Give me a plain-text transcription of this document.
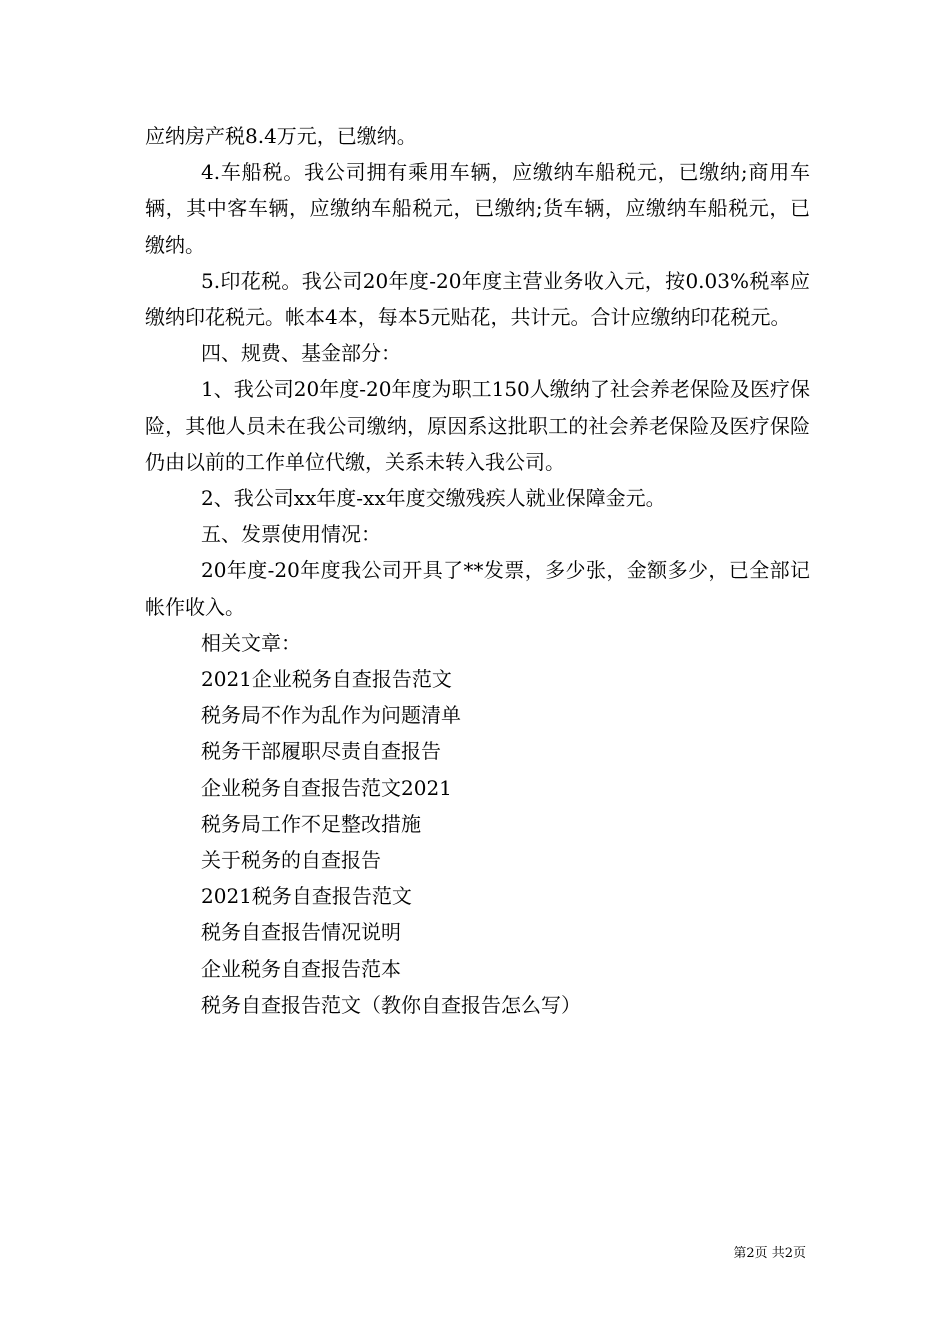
应纳房产税8.4万元，已缴纳。

4.车船税。我公司拥有乘用车辆，应缴纳车船税元，已缴纳;商用车辆，其中客车辆，应缴纳车船税元，已缴纳;货车辆，应缴纳车船税元，已缴纳。

5.印花税。我公司20年度-20年度主营业务收入元，按0.03%税率应缴纳印花税元。帐本4本，每本5元贴花，共计元。合计应缴纳印花税元。

四、规费、基金部分：

1、我公司20年度-20年度为职工150人缴纳了社会养老保险及医疗保险，其他人员未在我公司缴纳，原因系这批职工的社会养老保险及医疗保险仍由以前的工作单位代缴，关系未转入我公司。

2、我公司xx年度-xx年度交缴残疾人就业保障金元。

五、发票使用情况：

20年度-20年度我公司开具了**发票，多少张，金额多少，已全部记帐作收入。

相关文章：

2021企业税务自查报告范文

税务局不作为乱作为问题清单

税务干部履职尽责自查报告

企业税务自查报告范文2021

税务局工作不足整改措施

关于税务的自查报告

2021税务自查报告范文

税务自查报告情况说明

企业税务自查报告范本

税务自查报告范文（教你自查报告怎么写）

第2页 共2页
